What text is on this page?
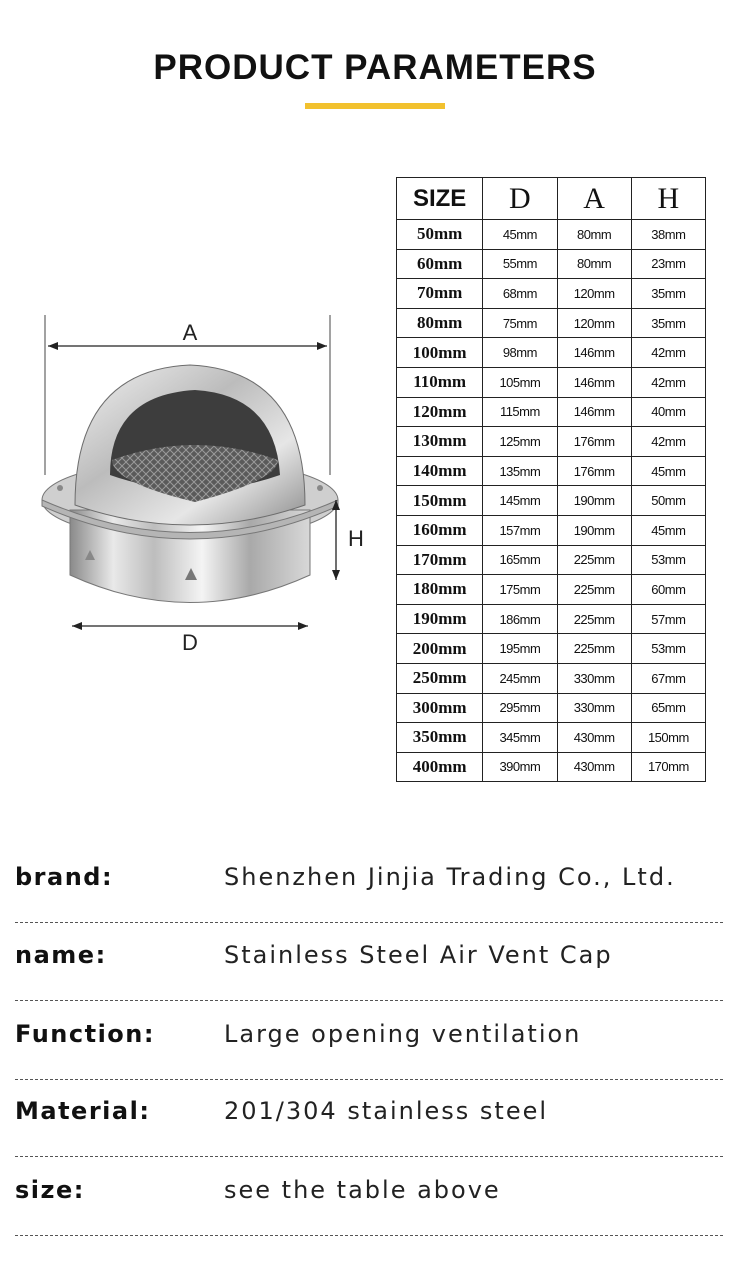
PRODUCT PARAMETERS
A
H
D
SIZE	D	A	H
50mm	45mm	80mm	38mm
60mm	55mm	80mm	23mm
70mm	68mm	120mm	35mm
80mm	75mm	120mm	35mm
100mm	98mm	146mm	42mm
110mm	105mm	146mm	42mm
120mm	115mm	146mm	40mm
130mm	125mm	176mm	42mm
140mm	135mm	176mm	45mm
150mm	145mm	190mm	50mm
160mm	157mm	190mm	45mm
170mm	165mm	225mm	53mm
180mm	175mm	225mm	60mm
190mm	186mm	225mm	57mm
200mm	195mm	225mm	53mm
250mm	245mm	330mm	67mm
300mm	295mm	330mm	65mm
350mm	345mm	430mm	150mm
400mm	390mm	430mm	170mm
brand:	Shenzhen Jinjia Trading Co., Ltd.
name:	Stainless Steel Air Vent Cap
Function:	Large opening ventilation
Material:	201/304 stainless steel
size:	see the table above
